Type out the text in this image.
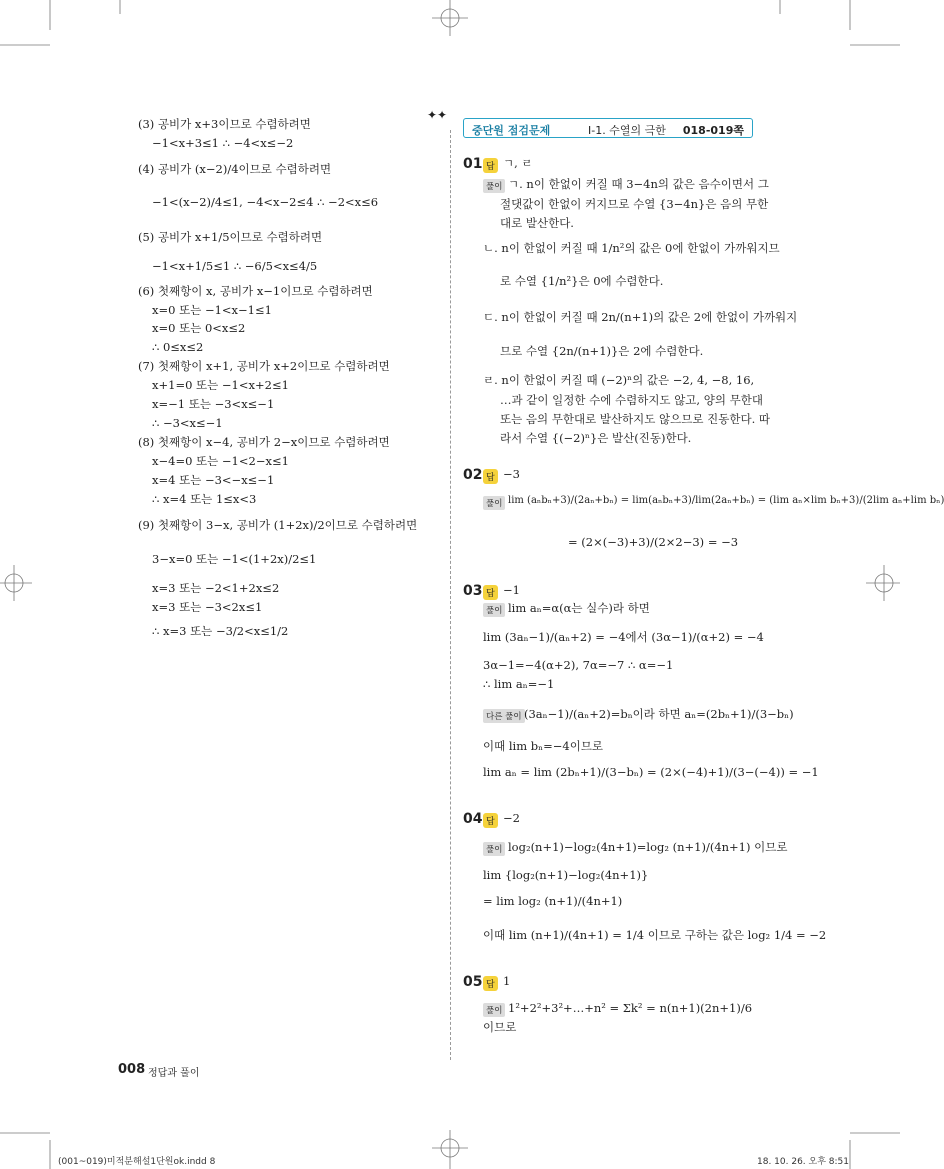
✦✦
(3) 공비가 x+3이므로 수렴하려면
−1<x+3≤1 ∴ −4<x≤−2
(4) 공비가 (x−2)/4이므로 수렴하려면
−1<(x−2)/4≤1, −4<x−2≤4 ∴ −2<x≤6
(5) 공비가 x+1/5이므로 수렴하려면
−1<x+1/5≤1 ∴ −6/5<x≤4/5
(6) 첫째항이 x, 공비가 x−1이므로 수렴하려면
x=0 또는 −1<x−1≤1
x=0 또는 0<x≤2
∴ 0≤x≤2
(7) 첫째항이 x+1, 공비가 x+2이므로 수렴하려면
x+1=0 또는 −1<x+2≤1
x=−1 또는 −3<x≤−1
∴ −3<x≤−1
(8) 첫째항이 x−4, 공비가 2−x이므로 수렴하려면
x−4=0 또는 −1<2−x≤1
x=4 또는 −3<−x≤−1
∴ x=4 또는 1≤x<3
(9) 첫째항이 3−x, 공비가 (1+2x)/2이므로 수렴하려면
3−x=0 또는 −1<(1+2x)/2≤1
x=3 또는 −2<1+2x≤2
x=3 또는 −3<2x≤1
∴ x=3 또는 −3/2<x≤1/2
중단원 점검문제	Ⅰ-1. 수열의 극한 018-019쪽
01 답 ㄱ, ㄹ
풀이 ㄱ. n이 한없이 커질 때 3−4n의 값은 음수이면서 그
절댓값이 한없이 커지므로 수열 {3−4n}은 음의 무한
대로 발산한다.
ㄴ. n이 한없이 커질 때 1/n²의 값은 0에 한없이 가까워지므
로 수열 {1/n²}은 0에 수렴한다.
ㄷ. n이 한없이 커질 때 2n/(n+1)의 값은 2에 한없이 가까워지
므로 수열 {2n/(n+1)}은 2에 수렴한다.
ㄹ. n이 한없이 커질 때 (−2)ⁿ의 값은 −2, 4, −8, 16,
…과 같이 일정한 수에 수렴하지도 않고, 양의 무한대
또는 음의 무한대로 발산하지도 않으므로 진동한다. 따
라서 수열 {(−2)ⁿ}은 발산(진동)한다.
02 답 −3
풀이 lim (aₙbₙ+3)/(2aₙ+bₙ) = lim(aₙbₙ+3)/lim(2aₙ+bₙ) = (lim aₙ×lim bₙ+3)/(2lim aₙ+lim bₙ)
= (2×(−3)+3)/(2×2−3) = −3
03 답 −1
풀이 lim aₙ=α(α는 실수)라 하면
lim (3aₙ−1)/(aₙ+2) = −4에서 (3α−1)/(α+2) = −4
3α−1=−4(α+2), 7α=−7 ∴ α=−1
∴ lim aₙ=−1
다른 풀이 (3aₙ−1)/(aₙ+2)=bₙ이라 하면 aₙ=(2bₙ+1)/(3−bₙ)
이때 lim bₙ=−4이므로
lim aₙ = lim (2bₙ+1)/(3−bₙ) = (2×(−4)+1)/(3−(−4)) = −1
04 답 −2
풀이 log₂(n+1)−log₂(4n+1)=log₂ (n+1)/(4n+1) 이므로
lim {log₂(n+1)−log₂(4n+1)}
= lim log₂ (n+1)/(4n+1)
이때 lim (n+1)/(4n+1) = 1/4 이므로 구하는 값은 log₂ 1/4 = −2
05 답 1
풀이 1²+2²+3²+…+n² = Σk² = n(n+1)(2n+1)/6
이므로
008 정답과 풀이
(001~019)미적분해설1단원ok.indd 8	18. 10. 26. 오후 8:51
